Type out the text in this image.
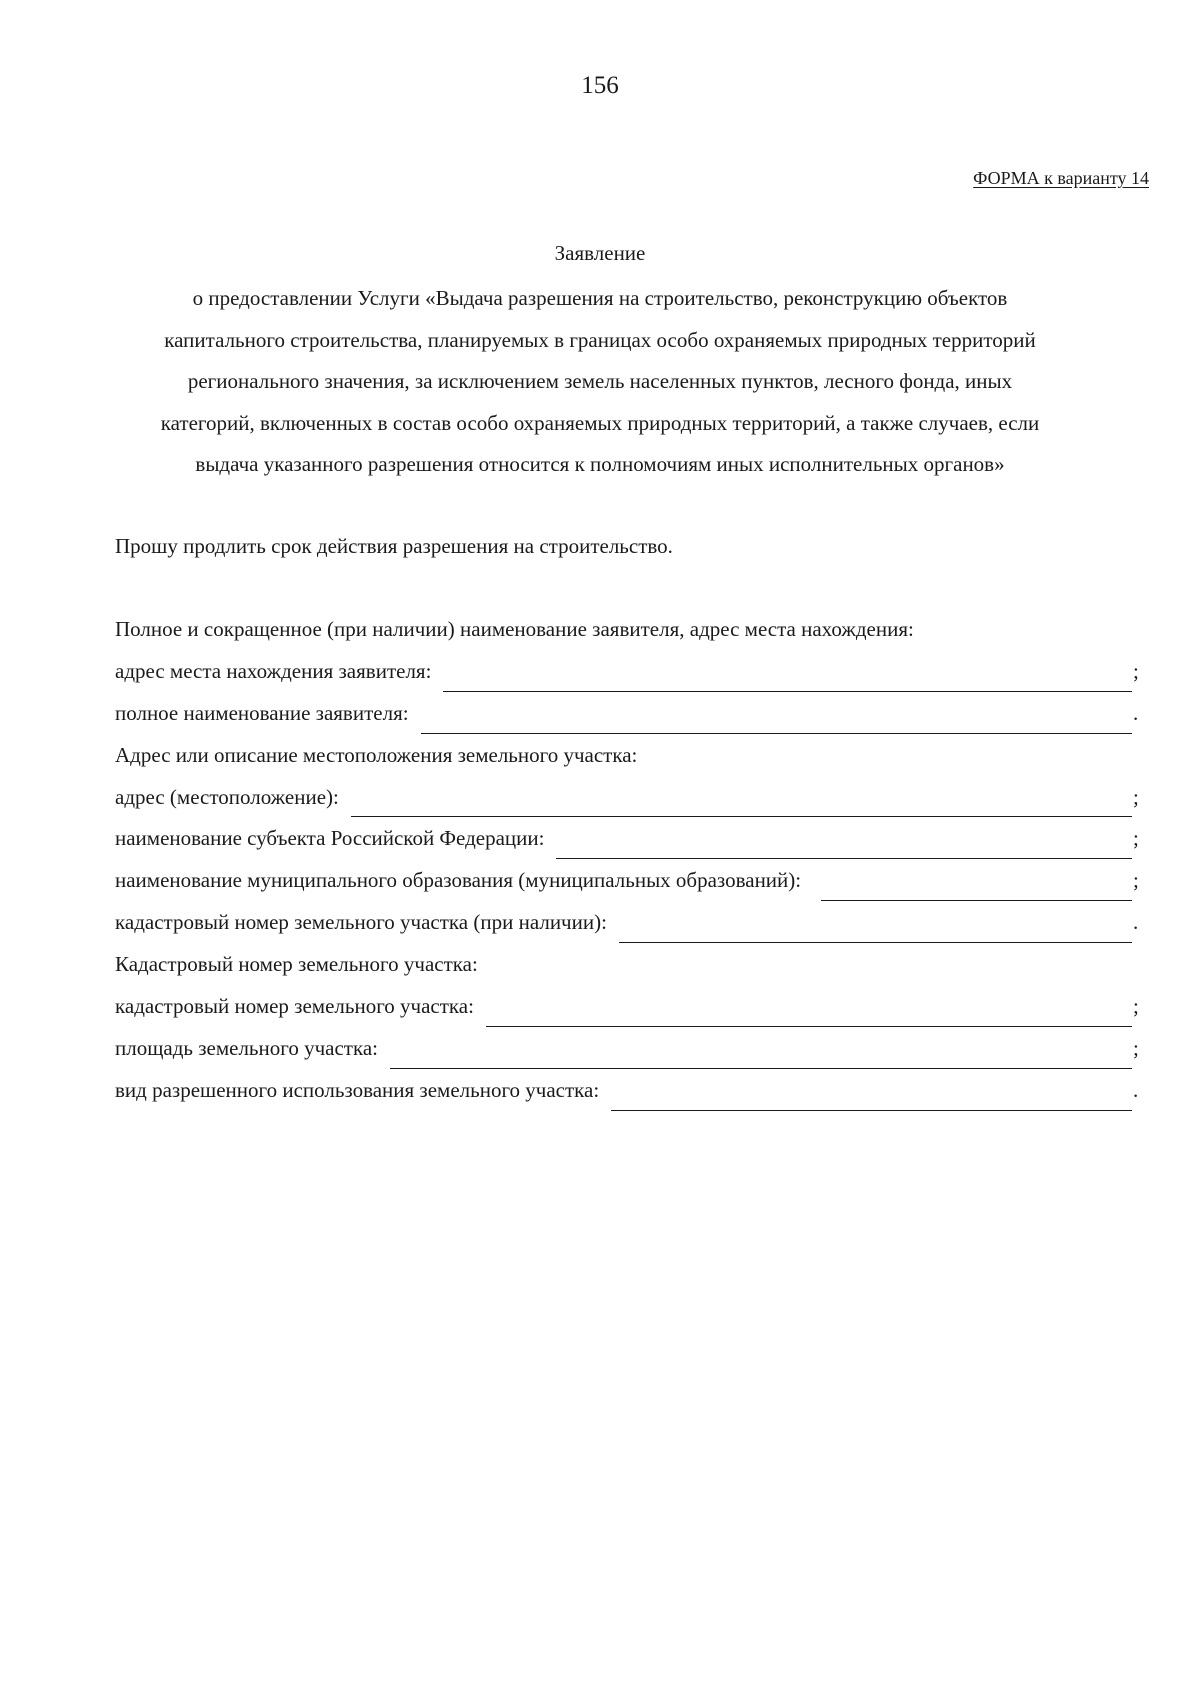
156
ФОРМА к варианту 14
Заявление

о предоставлении Услуги «Выдача разрешения на строительство, реконструкцию объектов
капитального строительства, планируемых в границах особо охраняемых природных территорий
регионального значения, за исключением земель населенных пунктов, лесного фонда, иных
категорий, включенных в состав особо охраняемых природных территорий, а также случаев, если
выдача указанного разрешения относится к полномочиям иных исполнительных органов»

Прошу продлить срок действия разрешения на строительство.
Полное и сокращенное (при наличии) наименование заявителя, адрес места нахождения:
адрес места нахождения заявителя:	;
полное наименование заявителя:	.
Адрес или описание местоположения земельного участка:
адрес (местоположение):	;
наименование субъекта Российской Федерации:	;
наименование муниципального образования (муниципальных образований):	;
кадастровый номер земельного участка (при наличии):	.
Кадастровый номер земельного участка:
кадастровый номер земельного участка:	;
площадь земельного участка:	;
вид разрешенного использования земельного участка:	.
